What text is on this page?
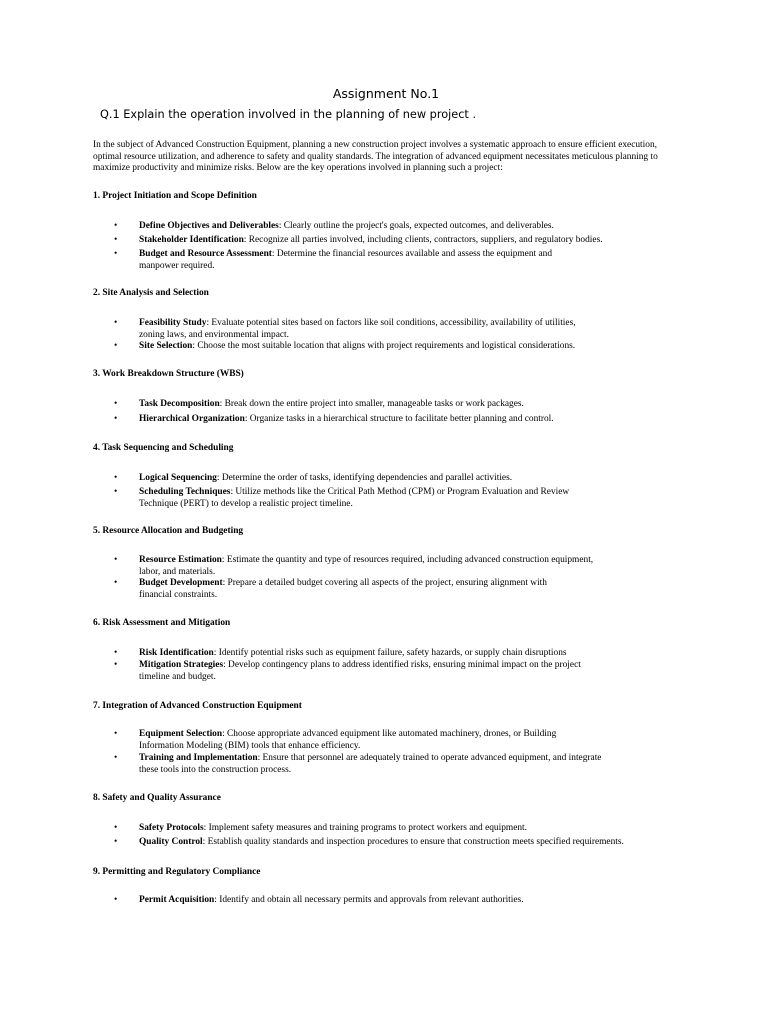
Assignment No.1
Q.1 Explain the operation involved in the planning of new project .
In the subject of Advanced Construction Equipment, planning a new construction project involves a systematic approach to ensure efficient execution, optimal resource utilization, and adherence to safety and quality standards. The integration of advanced equipment necessitates meticulous planning to maximize productivity and minimize risks. Below are the key operations involved in planning such a project:
1. Project Initiation and Scope Definition
• Define Objectives and Deliverables: Clearly outline the project's goals, expected outcomes, and deliverables.
• Stakeholder Identification: Recognize all parties involved, including clients, contractors, suppliers, and regulatory bodies.
• Budget and Resource Assessment: Determine the financial resources available and assess the equipment and
manpower required.
2. Site Analysis and Selection
• Feasibility Study: Evaluate potential sites based on factors like soil conditions, accessibility, availability of utilities,
zoning laws, and environmental impact.
• Site Selection: Choose the most suitable location that aligns with project requirements and logistical considerations.
3. Work Breakdown Structure (WBS)
• Task Decomposition: Break down the entire project into smaller, manageable tasks or work packages.
• Hierarchical Organization: Organize tasks in a hierarchical structure to facilitate better planning and control.
4. Task Sequencing and Scheduling
• Logical Sequencing: Determine the order of tasks, identifying dependencies and parallel activities.
• Scheduling Techniques: Utilize methods like the Critical Path Method (CPM) or Program Evaluation and Review
Technique (PERT) to develop a realistic project timeline.
5. Resource Allocation and Budgeting
• Resource Estimation: Estimate the quantity and type of resources required, including advanced construction equipment,
labor, and materials.
• Budget Development: Prepare a detailed budget covering all aspects of the project, ensuring alignment with
financial constraints.
6. Risk Assessment and Mitigation
• Risk Identification: Identify potential risks such as equipment failure, safety hazards, or supply chain disruptions
• Mitigation Strategies: Develop contingency plans to address identified risks, ensuring minimal impact on the project
timeline and budget.
7. Integration of Advanced Construction Equipment
• Equipment Selection: Choose appropriate advanced equipment like automated machinery, drones, or Building
Information Modeling (BIM) tools that enhance efficiency.
• Training and Implementation: Ensure that personnel are adequately trained to operate advanced equipment, and integrate
these tools into the construction process.
8. Safety and Quality Assurance
• Safety Protocols: Implement safety measures and training programs to protect workers and equipment.
• Quality Control: Establish quality standards and inspection procedures to ensure that construction meets specified requirements.
9. Permitting and Regulatory Compliance
• Permit Acquisition: Identify and obtain all necessary permits and approvals from relevant authorities.
